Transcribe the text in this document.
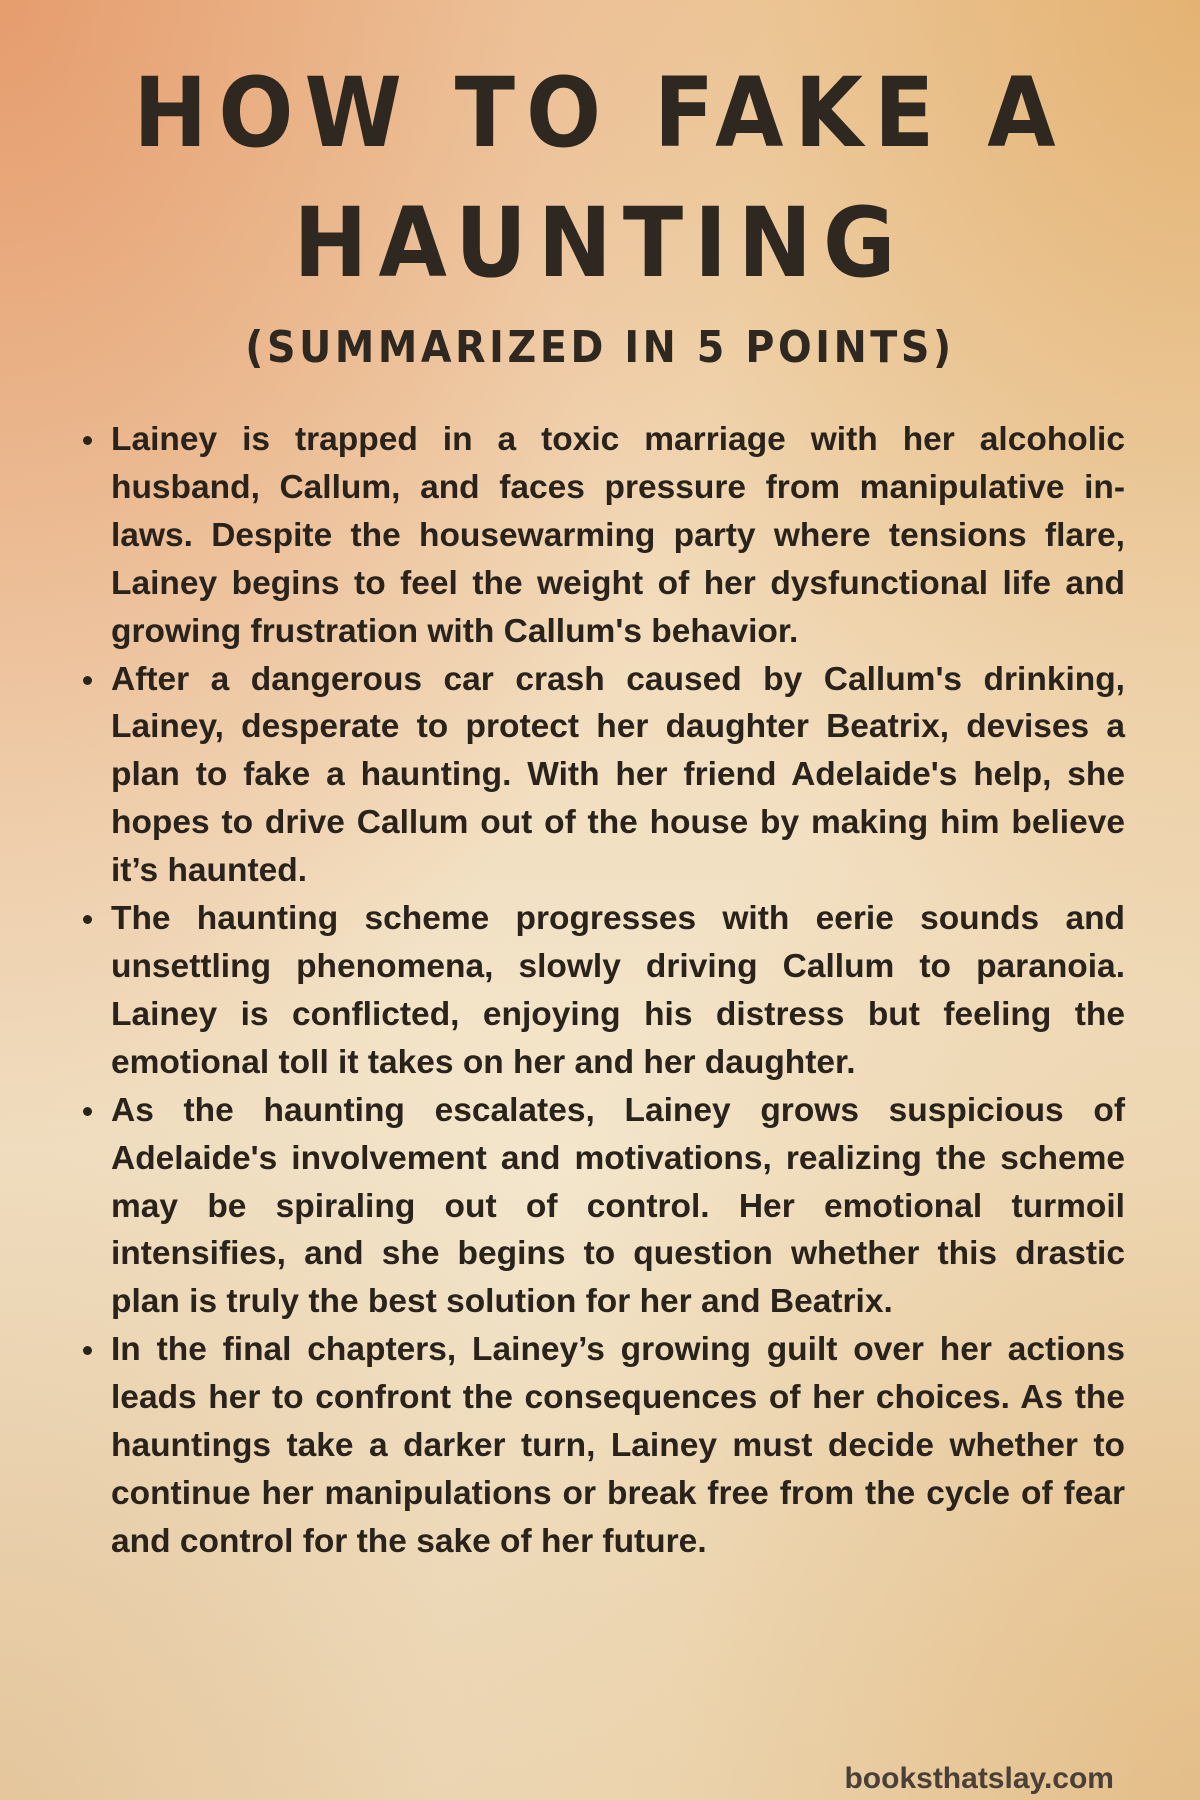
HOW TO FAKE A HAUNTING
(SUMMARIZED IN 5 POINTS)
Lainey is trapped in a toxic marriage with her alcoholic husband, Callum, and faces pressure from manipulative in-laws. Despite the housewarming party where tensions flare, Lainey begins to feel the weight of her dysfunctional life and growing frustration with Callum's behavior.
After a dangerous car crash caused by Callum's drinking, Lainey, desperate to protect her daughter Beatrix, devises a plan to fake a haunting. With her friend Adelaide's help, she hopes to drive Callum out of the house by making him believe it’s haunted.
The haunting scheme progresses with eerie sounds and unsettling phenomena, slowly driving Callum to paranoia. Lainey is conflicted, enjoying his distress but feeling the emotional toll it takes on her and her daughter.
As the haunting escalates, Lainey grows suspicious of Adelaide's involvement and motivations, realizing the scheme may be spiraling out of control. Her emotional turmoil intensifies, and she begins to question whether this drastic plan is truly the best solution for her and Beatrix.
In the final chapters, Lainey’s growing guilt over her actions leads her to confront the consequences of her choices. As the hauntings take a darker turn, Lainey must decide whether to continue her manipulations or break free from the cycle of fear and control for the sake of her future.
booksthatslay.com
